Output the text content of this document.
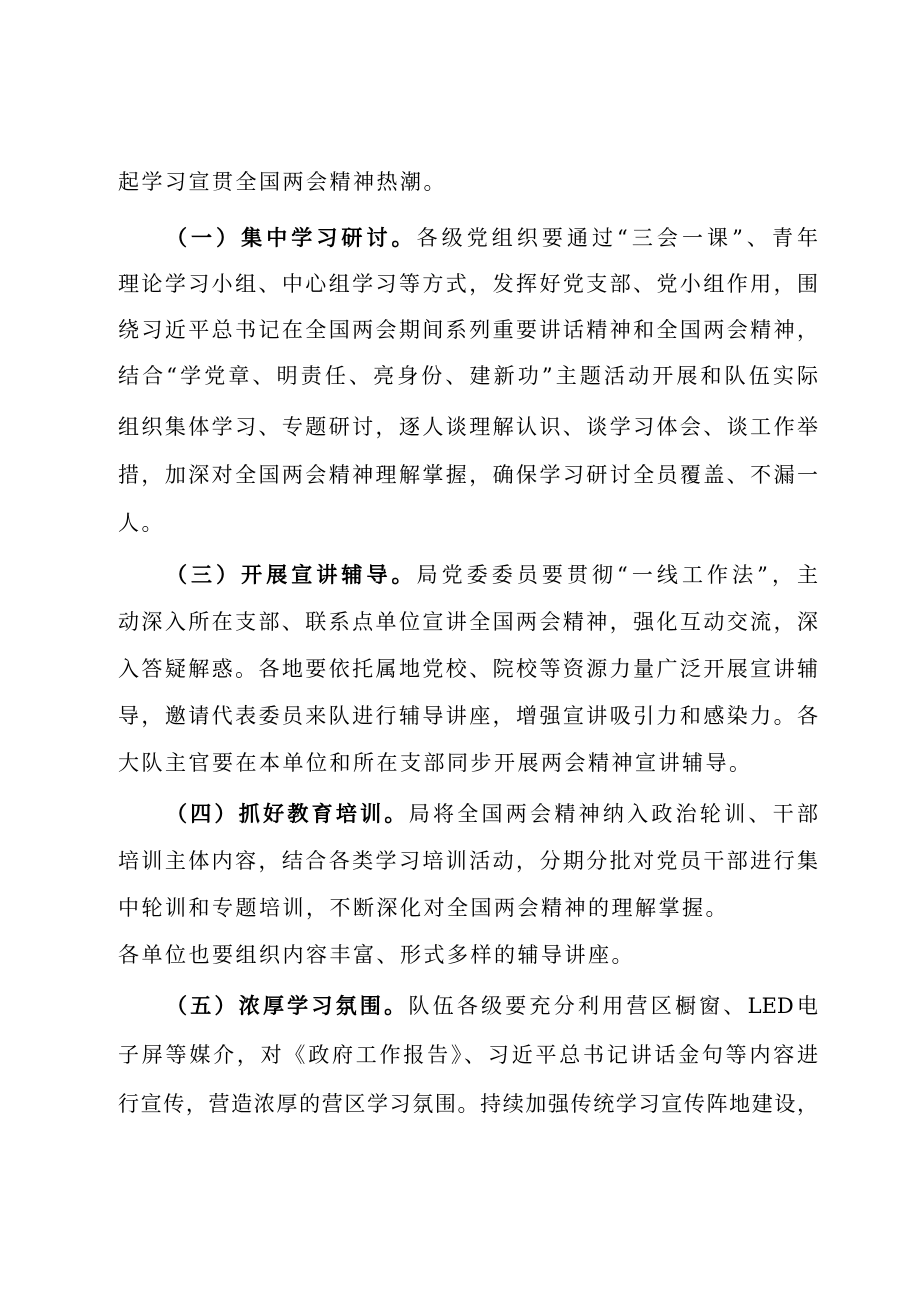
起学习宣贯全国两会精神热潮。
（一）集中学习研讨。各级党组织要通过“三会一课”、青年
理论学习小组、中心组学习等方式，发挥好党支部、党小组作用，围
绕习近平总书记在全国两会期间系列重要讲话精神和全国两会精神，
结合“学党章、明责任、亮身份、建新功”主题活动开展和队伍实际
组织集体学习、专题研讨，逐人谈理解认识、谈学习体会、谈工作举
措，加深对全国两会精神理解掌握，确保学习研讨全员覆盖、不漏一
人。
（三）开展宣讲辅导。局党委委员要贯彻“一线工作法”，主
动深入所在支部、联系点单位宣讲全国两会精神，强化互动交流，深
入答疑解惑。各地要依托属地党校、院校等资源力量广泛开展宣讲辅
导，邀请代表委员来队进行辅导讲座，增强宣讲吸引力和感染力。各
大队主官要在本单位和所在支部同步开展两会精神宣讲辅导。
（四）抓好教育培训。局将全国两会精神纳入政治轮训、干部
培训主体内容，结合各类学习培训活动，分期分批对党员干部进行集
中轮训和专题培训，不断深化对全国两会精神的理解掌握。
各单位也要组织内容丰富、形式多样的辅导讲座。
（五）浓厚学习氛围。队伍各级要充分利用营区橱窗、LED电
子屏等媒介，对《政府工作报告》、习近平总书记讲话金句等内容进
行宣传，营造浓厚的营区学习氛围。持续加强传统学习宣传阵地建设，
